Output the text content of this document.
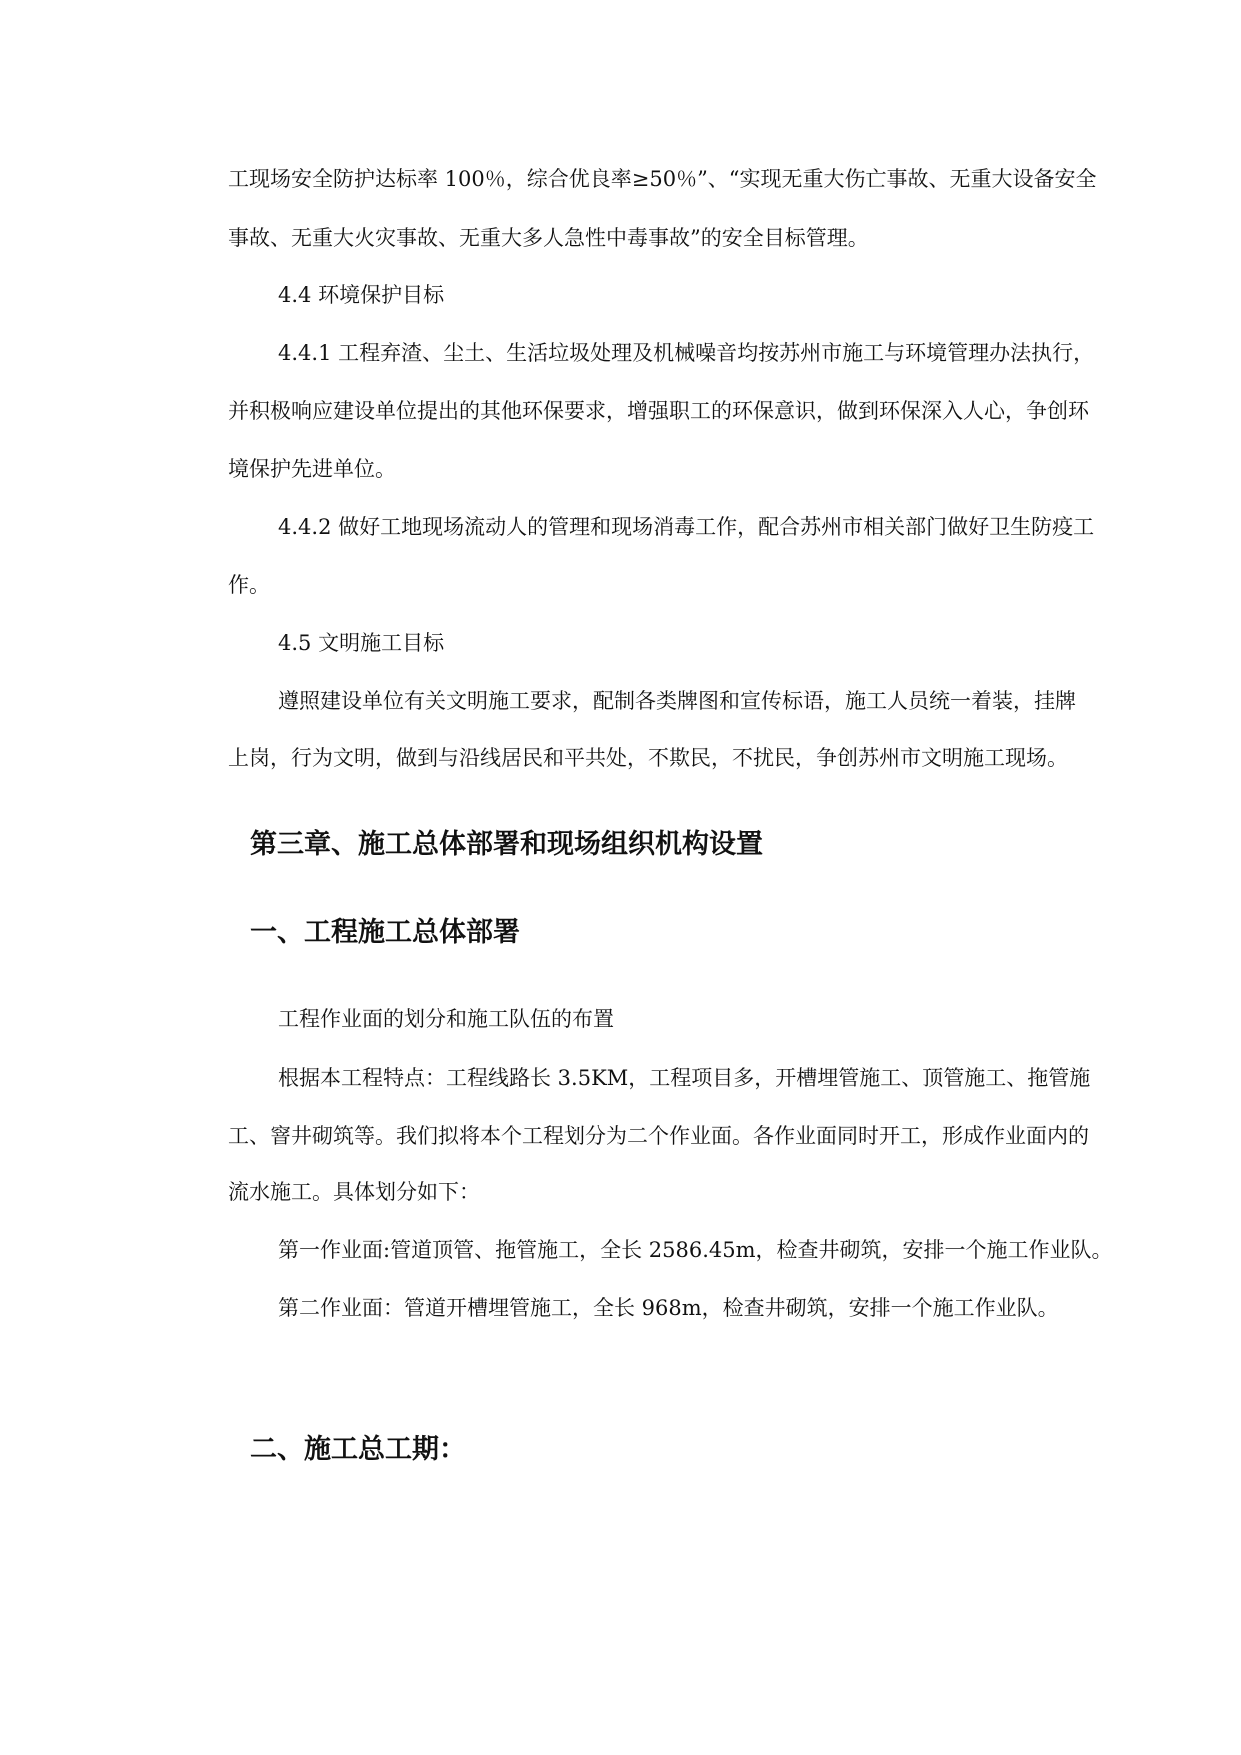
工现场安全防护达标率 100％，综合优良率≥50％”、“实现无重大伤亡事故、无重大设备安全
事故、无重大火灾事故、无重大多人急性中毒事故”的安全目标管理。
4.4 环境保护目标
4.4.1 工程弃渣、尘土、生活垃圾处理及机械噪音均按苏州市施工与环境管理办法执行，
并积极响应建设单位提出的其他环保要求，增强职工的环保意识，做到环保深入人心，争创环
境保护先进单位。
4.4.2 做好工地现场流动人的管理和现场消毒工作，配合苏州市相关部门做好卫生防疫工
作。
4.5 文明施工目标
遵照建设单位有关文明施工要求，配制各类牌图和宣传标语，施工人员统一着装，挂牌
上岗，行为文明，做到与沿线居民和平共处，不欺民，不扰民，争创苏州市文明施工现场。
第三章、施工总体部署和现场组织机构设置
一、工程施工总体部署
工程作业面的划分和施工队伍的布置
根据本工程特点：工程线路长 3.5KM，工程项目多，开槽埋管施工、顶管施工、拖管施
工、窨井砌筑等。我们拟将本个工程划分为二个作业面。各作业面同时开工，形成作业面内的
流水施工。具体划分如下：
第一作业面:管道顶管、拖管施工，全长 2586.45m，检查井砌筑，安排一个施工作业队。
第二作业面：管道开槽埋管施工，全长 968m，检查井砌筑，安排一个施工作业队。
二、施工总工期：
